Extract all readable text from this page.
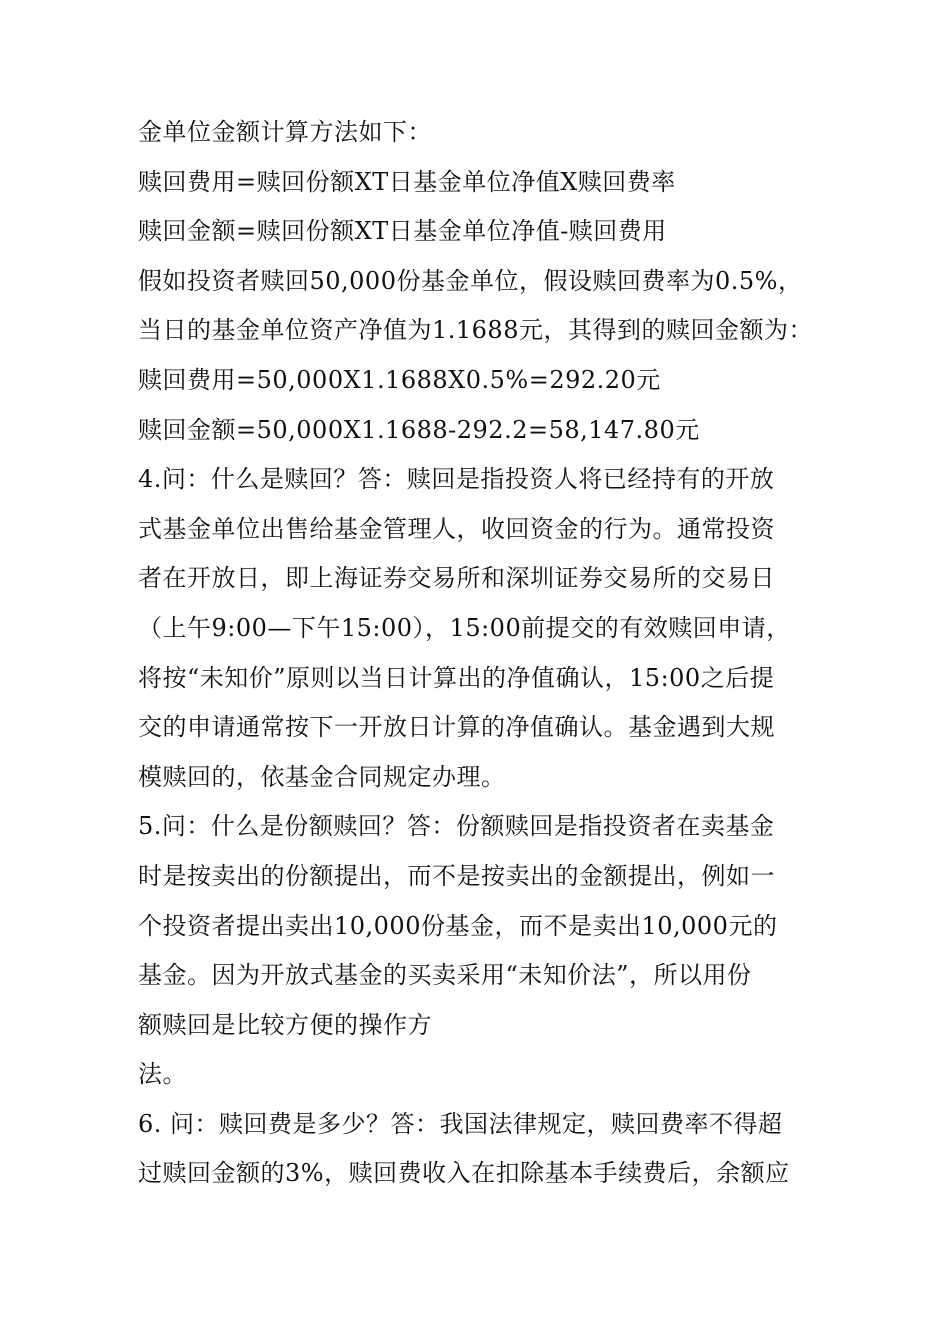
金单位金额计算方法如下：
赎回费用=赎回份额XT日基金单位净值X赎回费率
赎回金额=赎回份额XT日基金单位净值-赎回费用
假如投资者赎回50,000份基金单位，假设赎回费率为0.5%，
当日的基金单位资产净值为1.1688元，其得到的赎回金额为：
赎回费用=50,000X1.1688X0.5%=292.20元
赎回金额=50,000X1.1688-292.2=58,147.80元
4.问：什么是赎回？答：赎回是指投资人将已经持有的开放
式基金单位出售给基金管理人，收回资金的行为。通常投资
者在开放日，即上海证券交易所和深圳证券交易所的交易日
（上午9:00—下午15:00），15:00前提交的有效赎回申请，
将按“未知价”原则以当日计算出的净值确认，15:00之后提
交的申请通常按下一开放日计算的净值确认。基金遇到大规
模赎回的，依基金合同规定办理。
5.问：什么是份额赎回？答：份额赎回是指投资者在卖基金
时是按卖出的份额提出，而不是按卖出的金额提出，例如一
个投资者提出卖出10,000份基金，而不是卖出10,000元的
基金。因为开放式基金的买卖采用“未知价法”，所以用份
额赎回是比较方便的操作方
法。
6. 问：赎回费是多少？答：我国法律规定，赎回费率不得超
过赎回金额的3%，赎回费收入在扣除基本手续费后，余额应
